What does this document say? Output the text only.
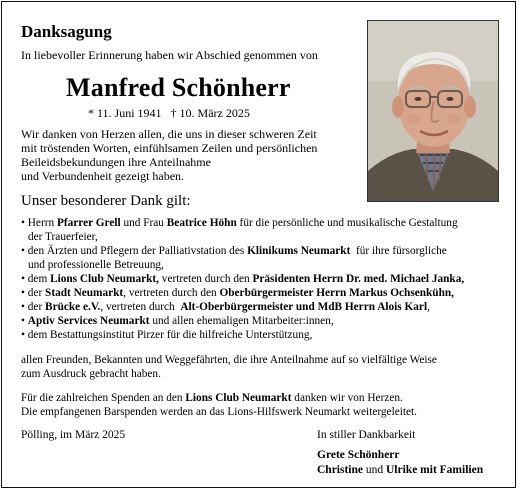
Danksagung
In liebevoller Erinnerung haben wir Abschied genommen von
Manfred Schönherr
* 11. Juni 1941   † 10. März 2025
Wir danken von Herzen allen, die uns in dieser schweren Zeit
mit tröstenden Worten, einfühlsamen Zeilen und persönlichen
Beileidsbekundungen ihre Anteilnahme
und Verbundenheit gezeigt haben.
Unser besonderer Dank gilt:
• Herrn Pfarrer Grell und Frau Beatrice Höhn für die persönliche und musikalische Gestaltung
der Trauerfeier,
• den Ärzten und Pflegern der Palliativstation des Klinikums Neumarkt  für ihre fürsorgliche
und professionelle Betreuung,
• dem Lions Club Neumarkt, vertreten durch den Präsidenten Herrn Dr. med. Michael Janka,
• der Stadt Neumarkt, vertreten durch den Oberbürgermeister Herrn Markus Ochsenkühn,
• der Brücke e.V., vertreten durch  Alt-Oberbürgermeister und MdB Herrn Alois Karl,
• Aptiv Services Neumarkt und allen ehemaligen Mitarbeiter:innen,
• dem Bestattungsinstitut Pirzer für die hilfreiche Unterstützung,
allen Freunden, Bekannten und Weggefährten, die ihre Anteilnahme auf so vielfältige Weise
zum Ausdruck gebracht haben.
Für die zahlreichen Spenden an den Lions Club Neumarkt danken wir von Herzen.
Die empfangenen Barspenden werden an das Lions-Hilfswerk Neumarkt weitergeleitet.
Pölling, im März 2025	In stiller Dankbarkeit
Grete Schönherr
Christine und Ulrike mit Familien
